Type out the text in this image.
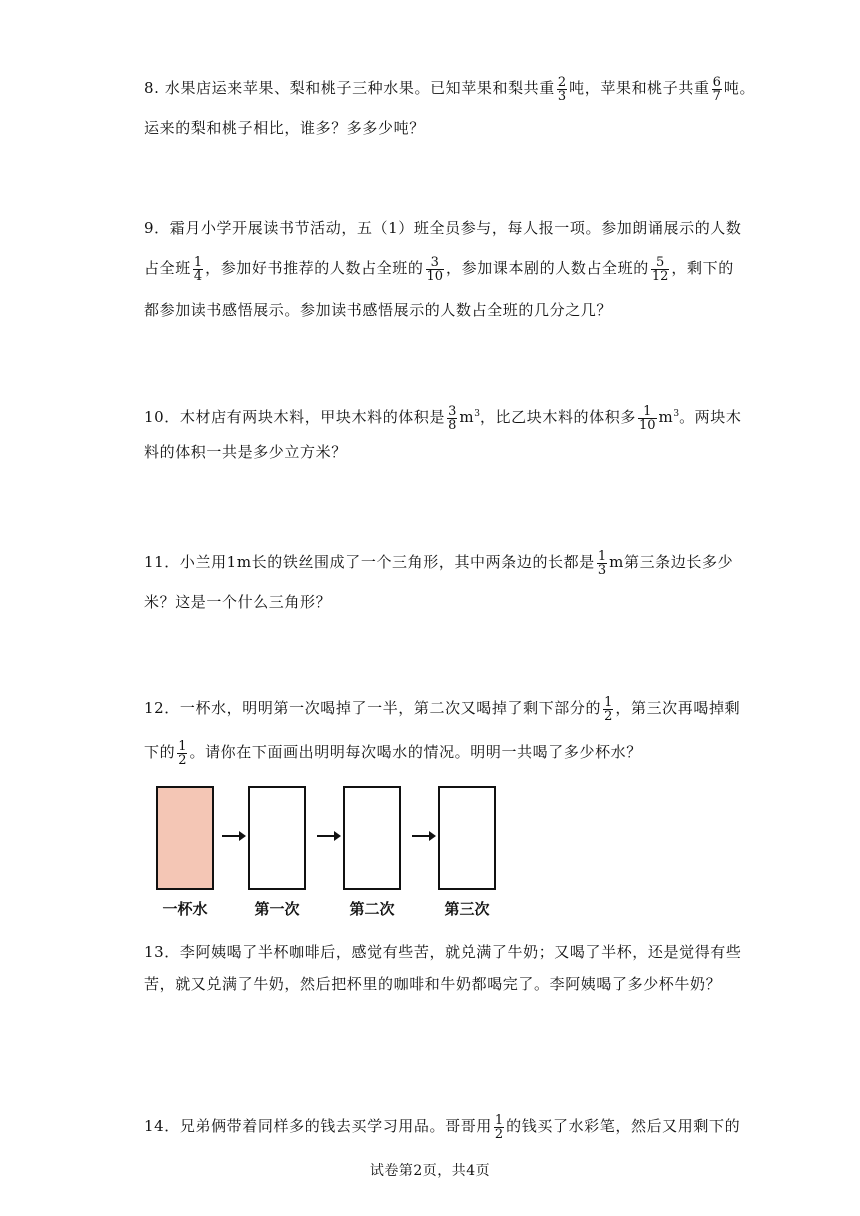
8. 水果店运来苹果、梨和桃子三种水果。已知苹果和梨共重 $\frac{2}{3}$ 吨，苹果和桃子共重 $\frac{6}{7}$ 吨。
运来的梨和桃子相比，谁多？多多少吨？
9．霜月小学开展读书节活动，五（1）班全员参与，每人报一项。参加朗诵展示的人数
占全班 $\frac{1}{4}$ ，参加好书推荐的人数占全班的 $\frac{3}{10}$ ，参加课本剧的人数占全班的 $\frac{5}{12}$ ，剩下的
都参加读书感悟展示。参加读书感悟展示的人数占全班的几分之几？
10．木材店有两块木料，甲块木料的体积是 $\frac{3}{8} m^3$，比乙块木料的体积多 $\frac{1}{10} m^3$。两块木
料的体积一共是多少立方米？
11．小兰用1m长的铁丝围成了一个三角形，其中两条边的长都是 $\frac{1}{3}$ m第三条边长多少
米？这是一个什么三角形？
12．一杯水，明明第一次喝掉了一半，第二次又喝掉了剩下部分的 $\frac{1}{2}$ ，第三次再喝掉剩
下的 $\frac{1}{2}$ 。请你在下面画出明明每次喝水的情况。明明一共喝了多少杯水？
一杯水	第一次	第二次	第三次
13．李阿姨喝了半杯咖啡后，感觉有些苦，就兑满了牛奶；又喝了半杯，还是觉得有些
苦，就又兑满了牛奶，然后把杯里的咖啡和牛奶都喝完了。李阿姨喝了多少杯牛奶？
14．兄弟俩带着同样多的钱去买学习用品。哥哥用 $\frac{1}{2}$ 的钱买了水彩笔，然后又用剩下的
试卷第2页，共4页
